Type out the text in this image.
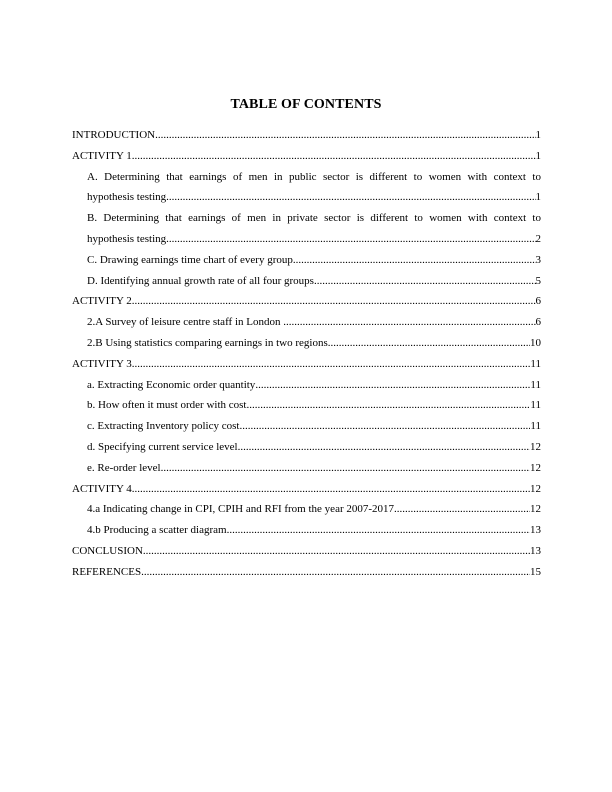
TABLE OF CONTENTS
INTRODUCTION .....	1
ACTIVITY 1 .....	1
A. Determining that earnings of men in public sector is different to women with context to
hypothesis testing .....	1
B. Determining that earnings of men in private sector is different to women with context to
hypothesis testing .....	2
C. Drawing earnings time chart of every group .....	3
D. Identifying annual growth rate of all four groups .....	5
ACTIVITY 2 .....	6
2.A Survey of leisure centre staff in London .....	6
2.B Using statistics comparing earnings in two regions .....	10
ACTIVITY 3 .....	11
a. Extracting Economic order quantity .....	11
b. How often it must order with cost .....	11
c. Extracting Inventory policy cost .....	11
d. Specifying current service level .....	12
e. Re-order level .....	12
ACTIVITY 4 .....	12
4.a Indicating change in CPI, CPIH and RFI from the year 2007-2017 .....	12
4.b Producing a scatter diagram .....	13
CONCLUSION .....	13
REFERENCES .....	15
